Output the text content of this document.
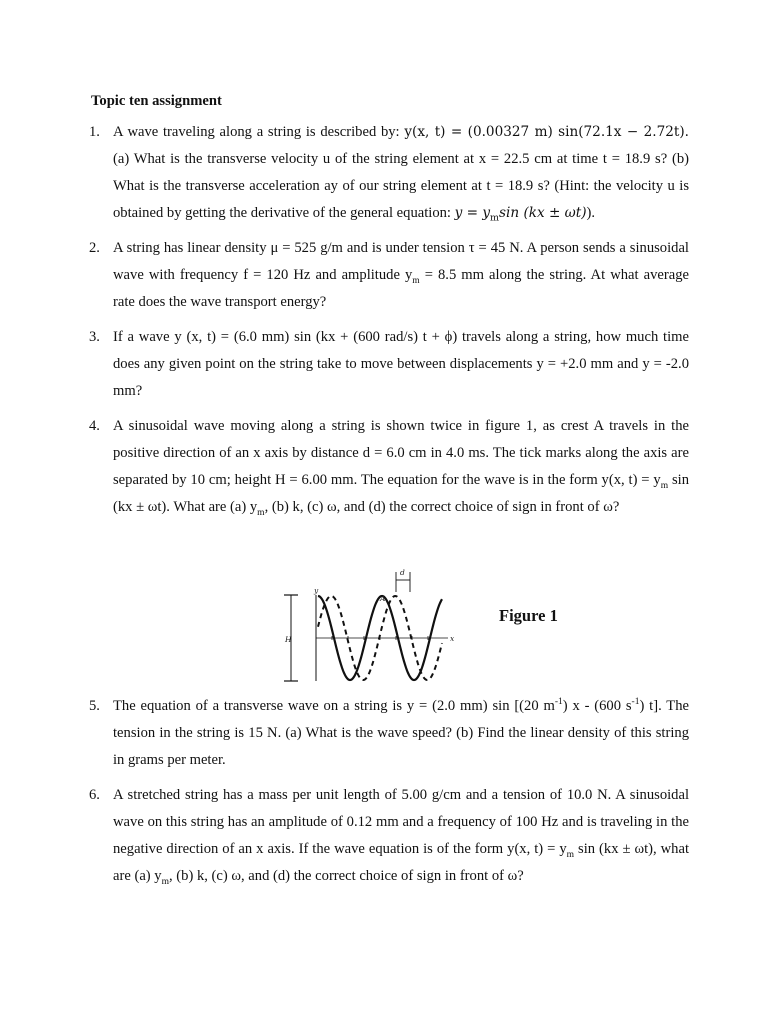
Topic ten assignment
1. A wave traveling along a string is described by: y(x, t) = (0.00327 m) sin(72.1x − 2.72t). (a) What is the transverse velocity u of the string element at x = 22.5 cm at time t = 18.9 s? (b) What is the transverse acceleration ay of our string element at t = 18.9 s? (Hint: the velocity u is obtained by getting the derivative of the general equation: $y = y_m\sin$ (kx ± ωt)).

2. A string has linear density μ = 525 g/m and is under tension τ = 45 N. A person sends a sinusoidal wave with frequency f = 120 Hz and amplitude $y_m = 8.5$ mm along the string. At what average rate does the wave transport energy?

3. If a wave y (x, t) = (6.0 mm) sin (kx + (600 rad/s) t + ϕ) travels along a string, how much time does any given point on the string take to move between displacements y = +2.0 mm and y = -2.0 mm?

4. A sinusoidal wave moving along a string is shown twice in figure 1, as crest A travels in the positive direction of an x axis by distance d = 6.0 cm in 4.0 ms. The tick marks along the axis are separated by 10 cm; height H = 6.00 mm. The equation for the wave is in the form y(x, $t) = y_m$ sin (kx ± ωt). What are (a) $y_m$, (b) k, (c) ω, and (d) the correct choice of sign in front of ω?

H
y
x
A
d
Figure 1
5. The equation of a transverse wave on a string is y = (2.0 mm) sin [(20 $m^{-1}$) x - (600 $s^{-1}$) t]. The tension in the string is 15 N. (a) What is the wave speed? (b) Find the linear density of this string in grams per meter.

6. A stretched string has a mass per unit length of 5.00 g/cm and a tension of 10.0 N. A sinusoidal wave on this string has an amplitude of 0.12 mm and a frequency of 100 Hz and is traveling in the negative direction of an x axis. If the wave equation is of the form y(x, $t) = y_m$ sin (kx ± ωt), what are (a) $y_m$, (b) k, (c) ω, and (d) the correct choice of sign in front of ω?
